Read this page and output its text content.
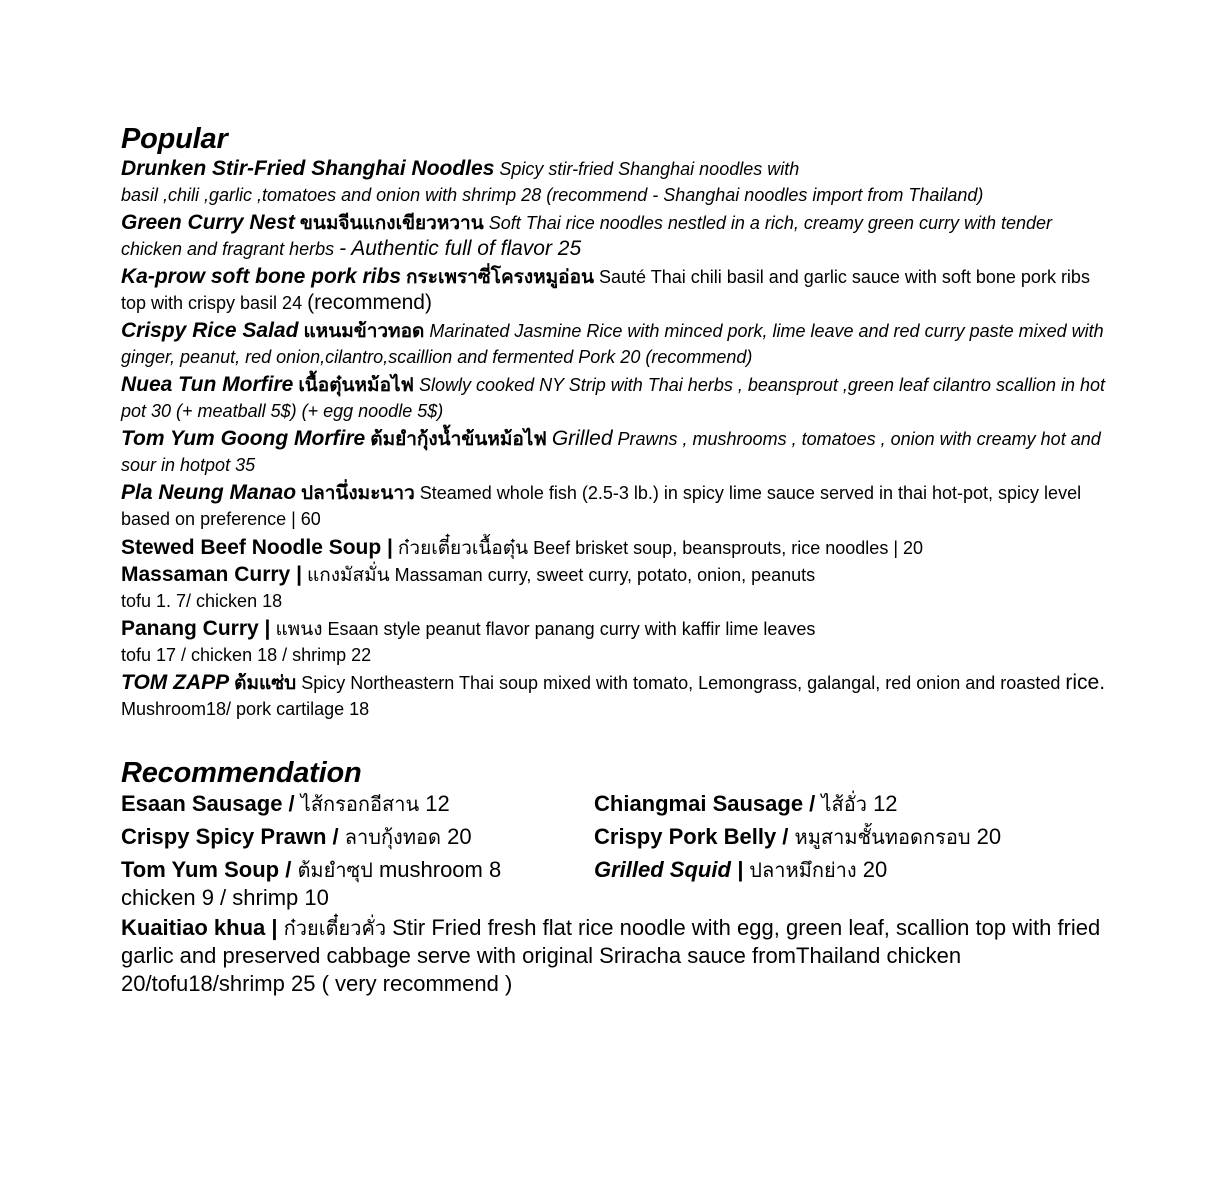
Popular
Drunken Stir-Fried Shanghai Noodles Spicy stir-fried Shanghai noodles with
basil ,chili ,garlic ,tomatoes and onion with shrimp 28 (recommend - Shanghai noodles import from Thailand)
Green Curry Nest ขนมจีนแกงเขียวหวาน Soft Thai rice noodles nestled in a rich, creamy green curry with tender chicken and fragrant herbs - Authentic full of flavor 25
Ka-prow soft bone pork ribs กระเพราซี่โครงหมูอ่อน Sauté Thai chili basil and garlic sauce with soft bone pork ribs top with crispy basil 24 (recommend)
Crispy Rice Salad แหนมข้าวทอด Marinated Jasmine Rice with minced pork, lime leave and red curry paste mixed with ginger, peanut, red onion,cilantro,scaillion and fermented Pork 20 (recommend)
Nuea Tun Morfire เนื้อตุ๋นหม้อไฟ Slowly cooked NY Strip with Thai herbs , beansprout ,green leaf cilantro scallion in hot pot 30 (+ meatball 5$) (+ egg noodle 5$)
Tom Yum Goong Morfire ต้มยำกุ้งน้ำข้นหม้อไฟ Grilled Prawns , mushrooms , tomatoes , onion with creamy hot and sour in hotpot 35
Pla Neung Manao ปลานึ่งมะนาว Steamed whole fish (2.5-3 lb.) in spicy lime sauce served in thai hot-pot, spicy level based on preference | 60
Stewed Beef Noodle Soup | ก๋วยเตี๋ยวเนื้อตุ๋น Beef brisket soup, beansprouts, rice noodles | 20
Massaman Curry | แกงมัสมั่น Massaman curry, sweet curry, potato, onion, peanuts
tofu 1. 7/ chicken 18
Panang Curry | แพนง Esaan style peanut flavor panang curry with kaffir lime leaves
tofu 17 / chicken 18 / shrimp 22
TOM ZAPP ต้มแซ่บ Spicy Northeastern Thai soup mixed with tomato, Lemongrass, galangal, red onion and roasted rice. Mushroom18/ pork cartilage 18
Recommendation
Esaan Sausage / ไส้กรอกอีสาน 12	Chiangmai Sausage / ไส้อั่ว 12
Crispy Spicy Prawn / ลาบกุ้งทอด 20	Crispy Pork Belly / หมูสามชั้นทอดกรอบ 20
Tom Yum Soup / ต้มยำซุป mushroom 8
chicken 9 / shrimp 10
Grilled Squid | ปลาหมึกย่าง 20
Kuaitiao khua | ก๋วยเตี๋ยวคั่ว Stir Fried fresh flat rice noodle with egg, green leaf, scallion top with fried garlic and preserved cabbage serve with original Sriracha sauce fromThailand chicken 20/tofu18/shrimp 25 ( very recommend )
